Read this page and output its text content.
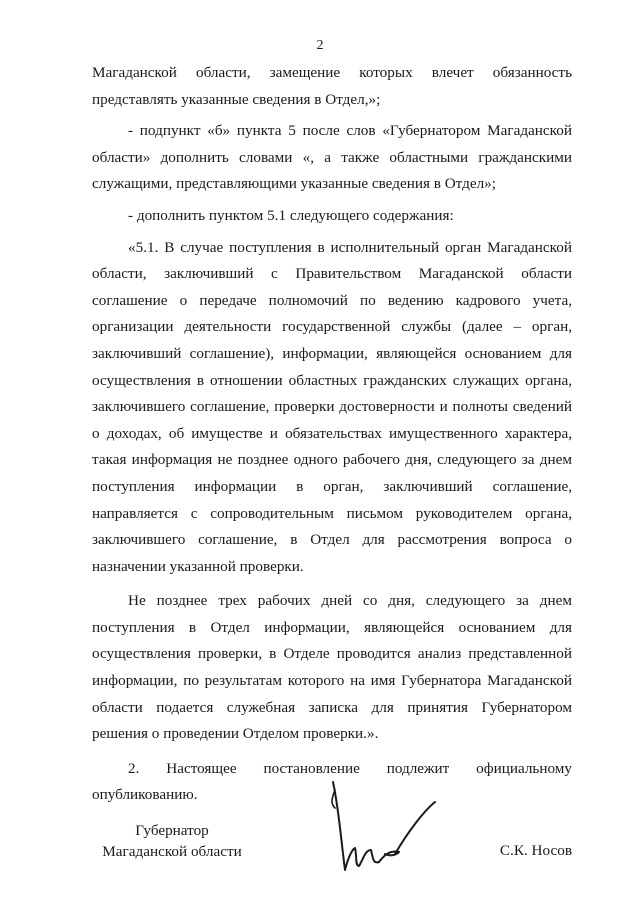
2

Магаданской области, замещение которых влечет обязанность представлять указанные сведения в Отдел,»;

- подпункт «б» пункта 5 после слов «Губернатором Магаданской области» дополнить словами «, а также областными гражданскими служащими, представляющими указанные сведения в Отдел»;

- дополнить пунктом 5.1 следующего содержания:

«5.1. В случае поступления в исполнительный орган Магаданской области, заключивший с Правительством Магаданской области соглашение о передаче полномочий по ведению кадрового учета, организации деятельности государственной службы (далее – орган, заключивший соглашение), информации, являющейся основанием для осуществления в отношении областных гражданских служащих органа, заключившего соглашение, проверки достоверности и полноты сведений о доходах, об имуществе и обязательствах имущественного характера, такая информация не позднее одного рабочего дня, следующего за днем поступления информации в орган, заключивший соглашение, направляется с сопроводительным письмом руководителем органа, заключившего соглашение, в Отдел для рассмотрения вопроса о назначении указанной проверки.

Не позднее трех рабочих дней со дня, следующего за днем поступления в Отдел информации, являющейся основанием для осуществления проверки, в Отделе проводится анализ представленной информации, по результатам которого на имя Губернатора Магаданской области подается служебная записка для принятия Губернатором решения о проведении Отделом проверки.».

2. Настоящее постановление подлежит официальному опубликованию.

Губернатор
Магаданской области	С.К. Носов
